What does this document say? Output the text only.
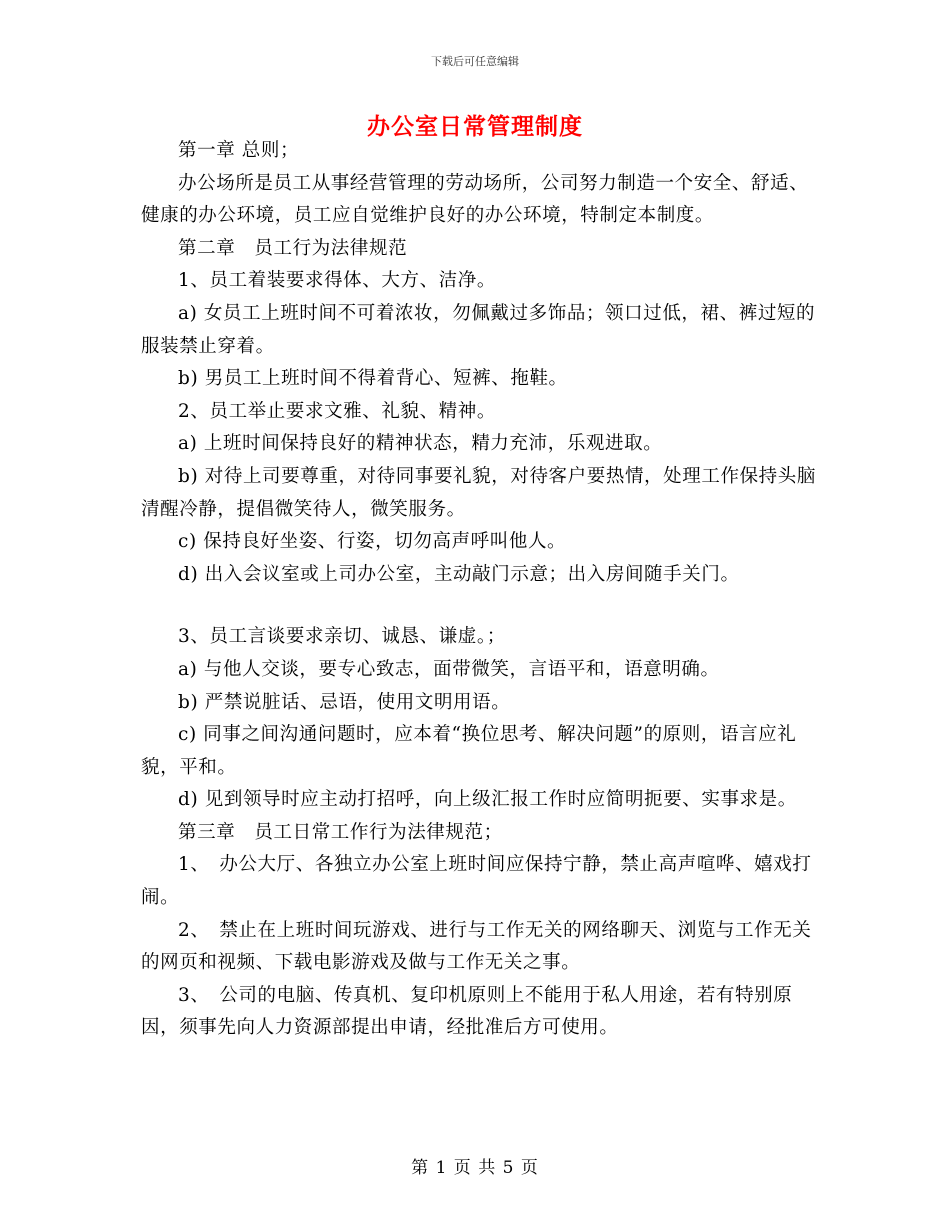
下载后可任意编辑
办公室日常管理制度

第一章 总则；

办公场所是员工从事经营管理的劳动场所，公司努力制造一个安全、舒适、健康的办公环境，员工应自觉维护良好的办公环境，特制定本制度。

第二章　员工行为法律规范

1、员工着装要求得体、大方、洁净。

a) 女员工上班时间不可着浓妆，勿佩戴过多饰品；领口过低，裙、裤过短的服装禁止穿着。

b) 男员工上班时间不得着背心、短裤、拖鞋。

2、员工举止要求文雅、礼貌、精神。

a) 上班时间保持良好的精神状态，精力充沛，乐观进取。

b) 对待上司要尊重，对待同事要礼貌，对待客户要热情，处理工作保持头脑清醒冷静，提倡微笑待人，微笑服务。

c) 保持良好坐姿、行姿，切勿高声呼叫他人。

d) 出入会议室或上司办公室，主动敲门示意；出入房间随手关门。

3、员工言谈要求亲切、诚恳、谦虚。；

a) 与他人交谈，要专心致志，面带微笑，言语平和，语意明确。

b) 严禁说脏话、忌语，使用文明用语。

c) 同事之间沟通问题时，应本着“换位思考、解决问题”的原则，语言应礼貌，平和。

d) 见到领导时应主动打招呼，向上级汇报工作时应简明扼要、实事求是。

第三章　员工日常工作行为法律规范；

1、　办公大厅、各独立办公室上班时间应保持宁静，禁止高声喧哗、嬉戏打闹。

2、　禁止在上班时间玩游戏、进行与工作无关的网络聊天、浏览与工作无关的网页和视频、下载电影游戏及做与工作无关之事。

3、　公司的电脑、传真机、复印机原则上不能用于私人用途，若有特别原因，须事先向人力资源部提出申请，经批准后方可使用。

第 1 页 共 5 页
